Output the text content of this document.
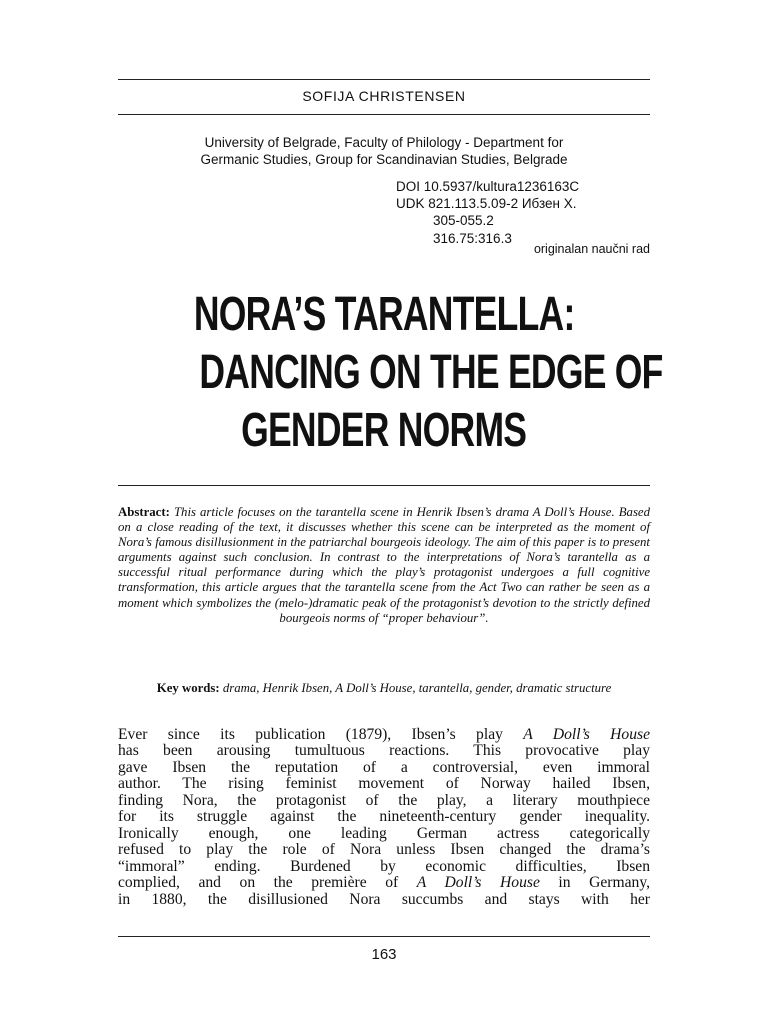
SOFIJA CHRISTENSEN
University of Belgrade, Faculty of Philology - Department for
Germanic Studies, Group for Scandinavian Studies, Belgrade
DOI 10.5937/kultura1236163C
UDK 821.113.5.09-2 Ибзен Х.
305-055.2
316.75:316.3
originalan naučni rad
NORA’S TARANTELLA:
DANCING ON THE EDGE OF
GENDER NORMS
Abstract: This article focuses on the tarantella scene in Henrik Ibsen’s drama A Doll’s House. Based on a close reading of the text, it discusses whether this scene can be interpreted as the moment of Nora’s famous disillusionment in the patriarchal bourgeois ideology. The aim of this paper is to present arguments against such conclusion. In contrast to the interpretations of Nora’s tarantella as a successful ritual performance during which the play’s protagonist undergoes a full cognitive transformation, this article argues that the tarantella scene from the Act Two can rather be seen as a moment which symbolizes the (melo-)dramatic peak of the protagonist’s devotion to the strictly defined bourgeois norms of “proper behaviour”.
Key words: drama, Henrik Ibsen, A Doll’s House, tarantella, gender, dramatic structure
Ever since its publication (1879), Ibsen’s play A Doll’s House
has been arousing tumultuous reactions. This provocative play
gave Ibsen the reputation of a controversial, even immoral
author. The rising feminist movement of Norway hailed Ibsen,
finding Nora, the protagonist of the play, a literary mouthpiece
for its struggle against the nineteenth-century gender inequality.
Ironically enough, one leading German actress categorically
refused to play the role of Nora unless Ibsen changed the drama’s
“immoral” ending. Burdened by economic difficulties, Ibsen
complied, and on the première of A Doll’s House in Germany,
in 1880, the disillusioned Nora succumbs and stays with her
163
